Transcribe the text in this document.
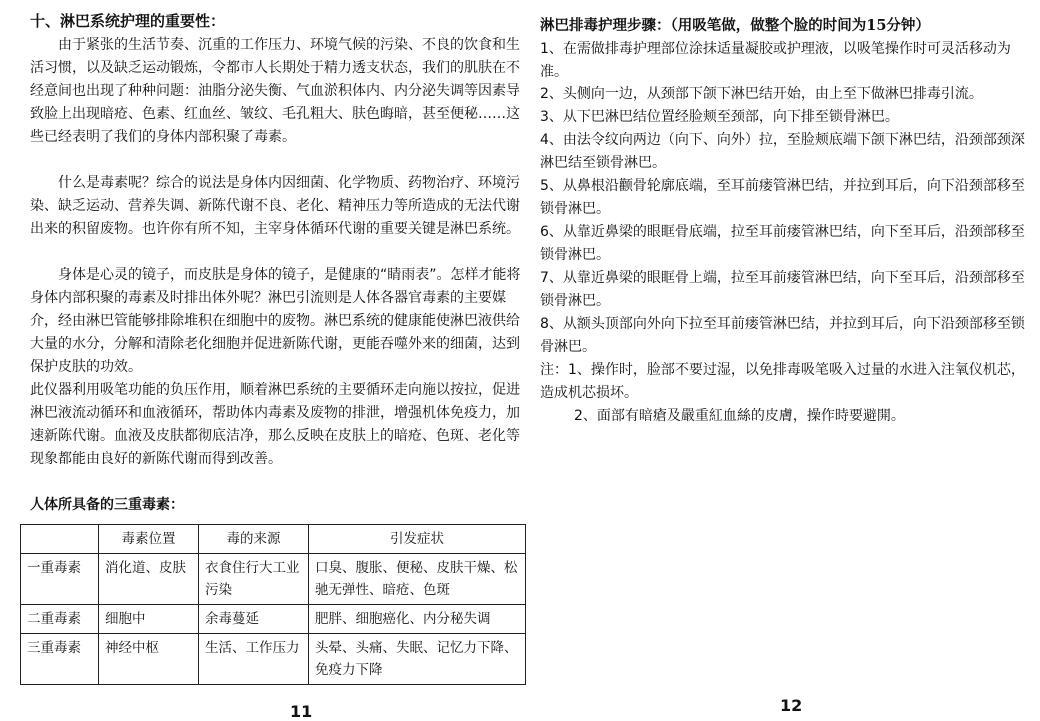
十、淋巴系统护理的重要性：

由于紧张的生活节奏、沉重的工作压力、环境气候的污染、不良的饮食和生活习惯，以及缺乏运动锻炼，令都市人长期处于精力透支状态，我们的肌肤在不经意间也出现了种种问题：油脂分泌失衡、气血淤积体内、内分泌失调等因素导致脸上出现暗疮、色素、红血丝、皱纹、毛孔粗大、肤色晦暗，甚至便秘……这些已经表明了我们的身体内部积聚了毒素。

什么是毒素呢？综合的说法是身体内因细菌、化学物质、药物治疗、环境污染、缺乏运动、营养失调、新陈代谢不良、老化、精神压力等所造成的无法代谢出来的积留废物。也许你有所不知，主宰身体循环代谢的重要关键是淋巴系统。

身体是心灵的镜子，而皮肤是身体的镜子，是健康的“睛雨表”。怎样才能将身体内部积聚的毒素及时排出体外呢？淋巴引流则是人体各器官毒素的主要媒介，经由淋巴管能够排除堆积在细胞中的废物。淋巴系统的健康能使淋巴液供给大量的水分，分解和清除老化细胞并促进新陈代谢，更能吞噬外来的细菌，达到保护皮肤的功效。

此仪器利用吸笔功能的负压作用，顺着淋巴系统的主要循环走向施以按拉，促进淋巴液流动循环和血液循环，帮助体内毒素及废物的排泄，增强机体免疫力，加速新陈代谢。血液及皮肤都彻底洁净，那么反映在皮肤上的暗疮、色斑、老化等现象都能由良好的新陈代谢而得到改善。

人体所具备的三重毒素：
	毒素位置	毒的来源	引发症状
一重毒素	消化道、皮肤	衣食住行大工业污染	口臭、腹胀、便秘、皮肤干燥、松驰无弹性、暗疮、色斑
二重毒素	细胞中	余毒蔓延	肥胖、细胞癌化、内分秘失调
三重毒素	神经中枢	生活、工作压力	头晕、头痛、失眠、记忆力下降、免疫力下降
11
淋巴排毒护理步骤：（用吸笔做，做整个脸的时间为15分钟）

1、在需做排毒护理部位涂抹适量凝胶或护理液，以吸笔操作时可灵活移动为准。

2、头侧向一边，从颈部下颌下淋巴结开始，由上至下做淋巴排毒引流。

3、从下巴淋巴结位置经脸颊至颈部，向下排至锁骨淋巴。

4、由法令纹向两边（向下、向外）拉，至脸颊底端下颌下淋巴结，沿颈部颈深淋巴结至锁骨淋巴。

5、从鼻根沿颧骨轮廓底端，至耳前瘘管淋巴结，并拉到耳后，向下沿颈部移至锁骨淋巴。

6、从靠近鼻梁的眼眶骨底端，拉至耳前瘘管淋巴结，向下至耳后，沿颈部移至锁骨淋巴。

7、从靠近鼻梁的眼眶骨上端，拉至耳前瘘管淋巴结，向下至耳后，沿颈部移至锁骨淋巴。

8、从额头顶部向外向下拉至耳前瘘管淋巴结，并拉到耳后，向下沿颈部移至锁骨淋巴。

注：1、操作时，脸部不要过湿，以免排毒吸笔吸入过量的水进入注氧仪机芯，造成机芯损坏。

2、面部有暗瘡及嚴重紅血絲的皮膚，操作時要避開。

12
